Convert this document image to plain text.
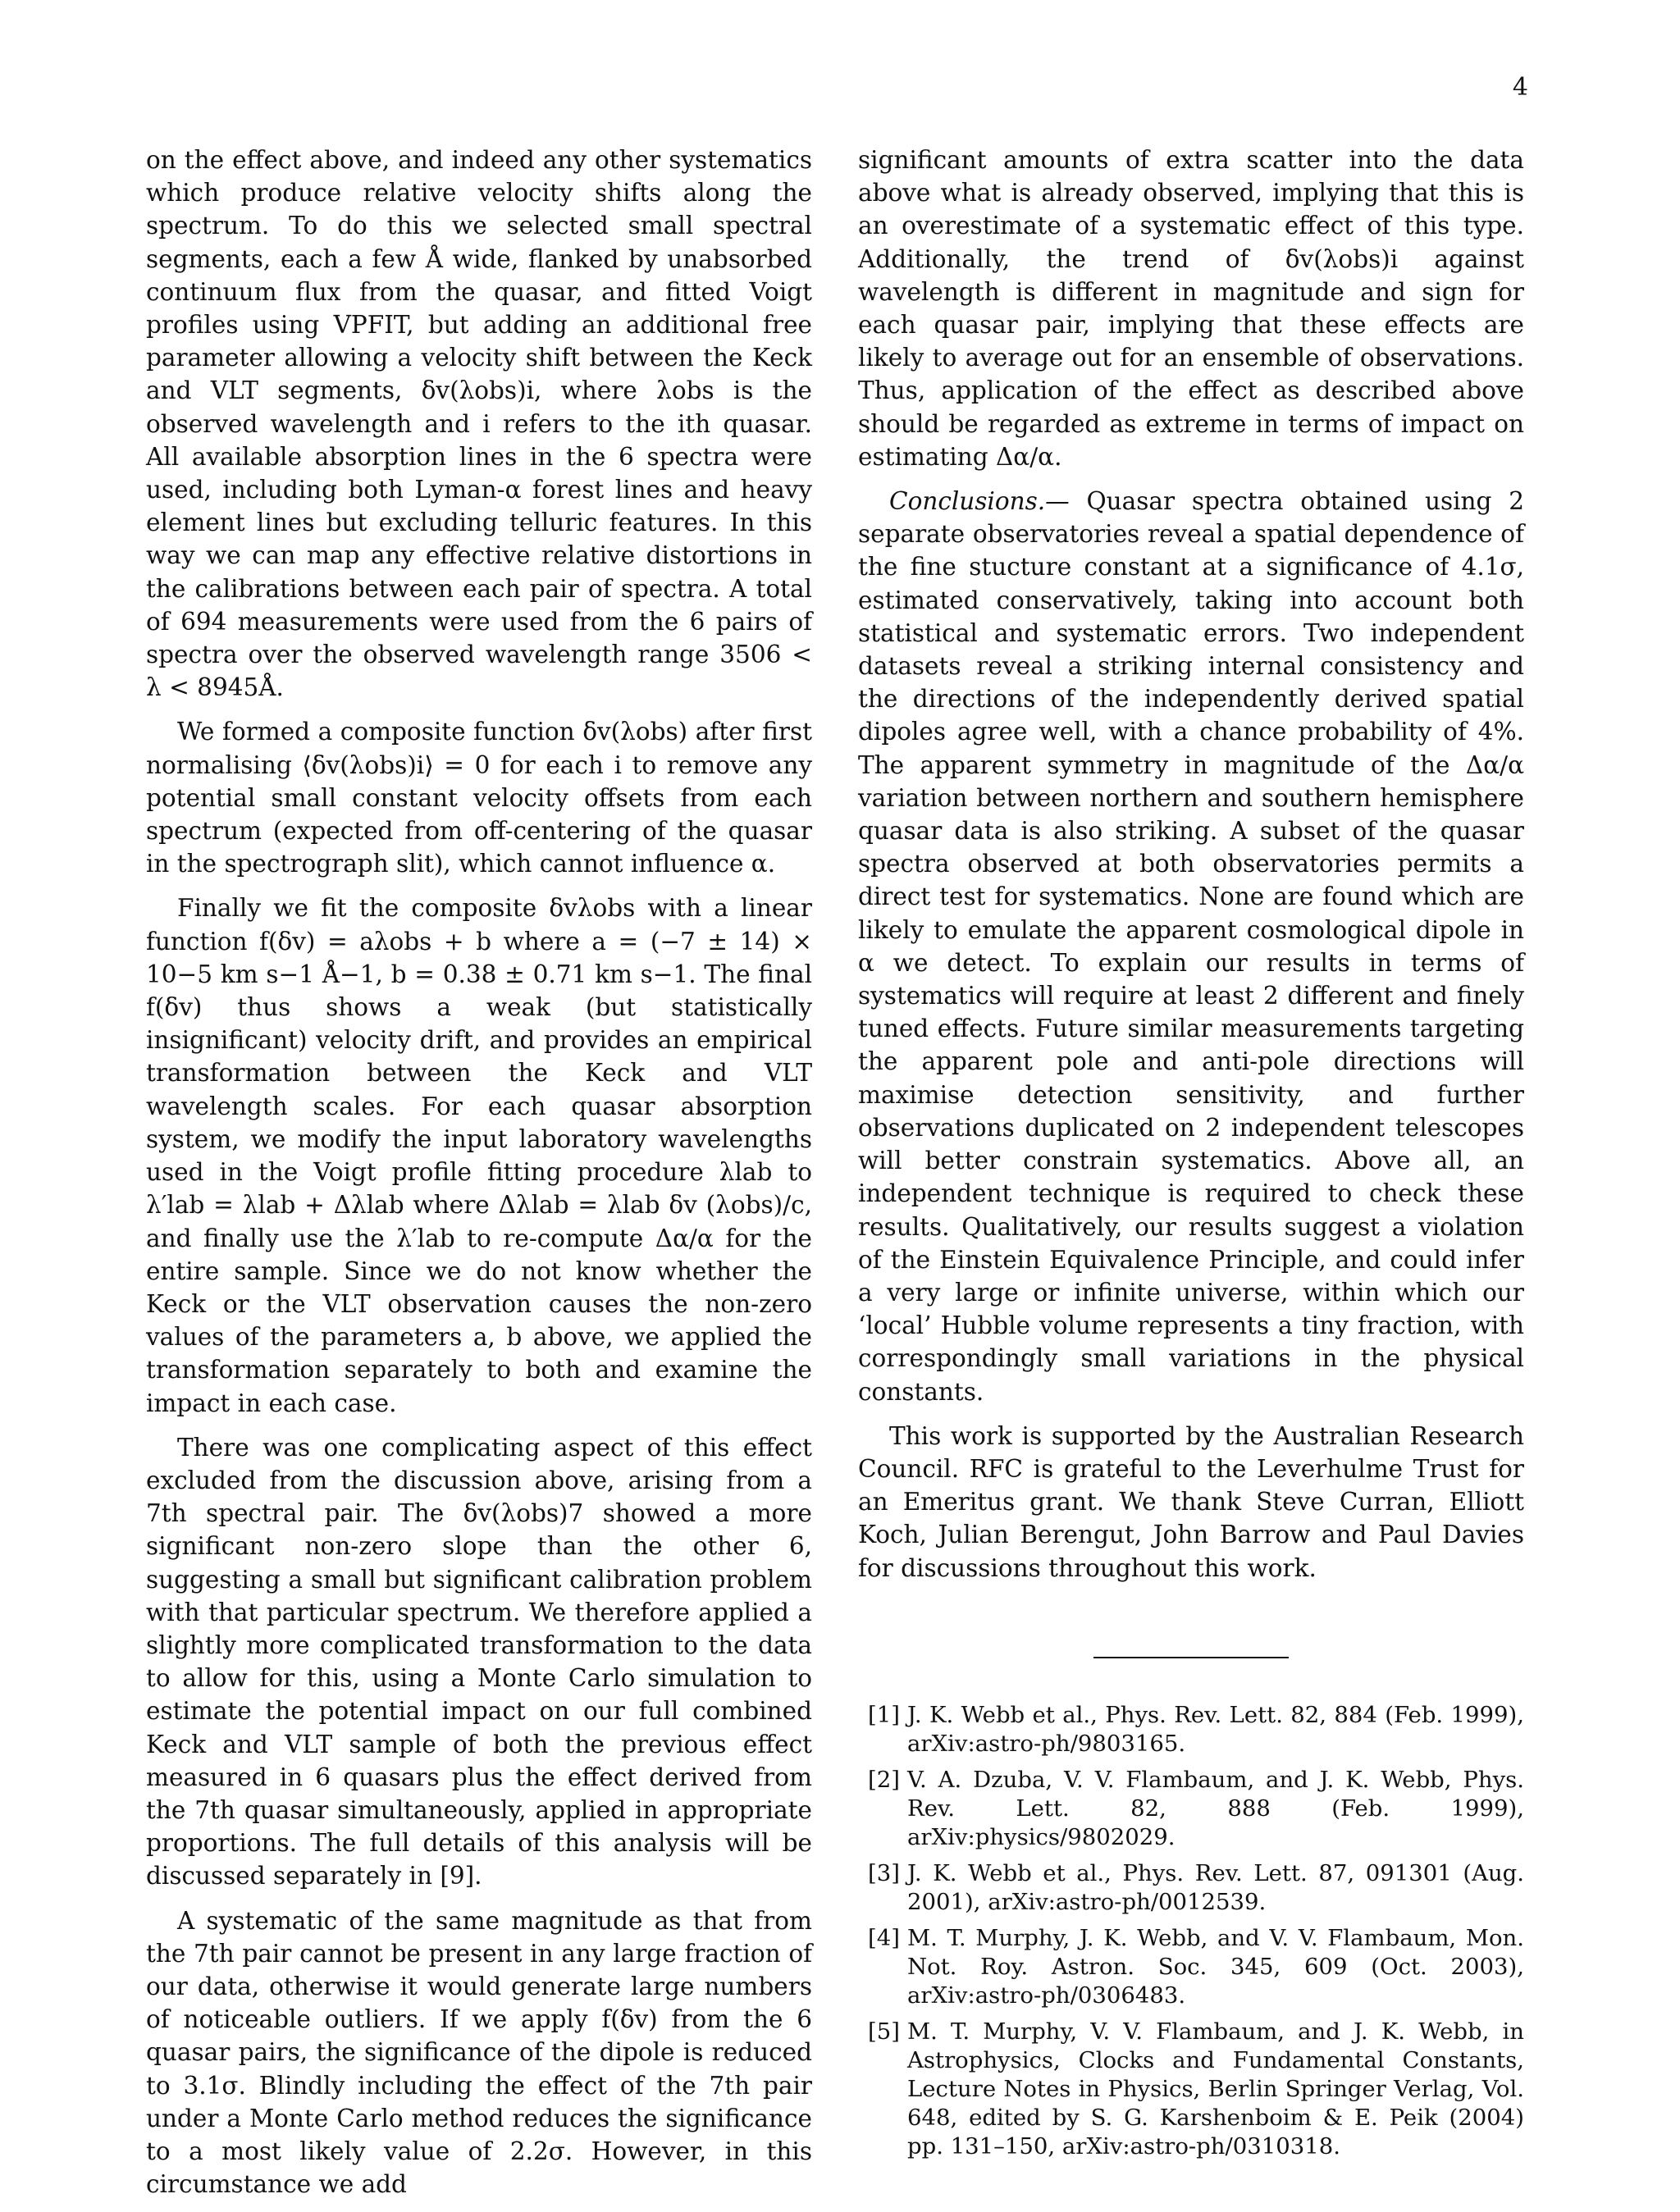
4

on the effect above, and indeed any other systematics which produce relative velocity shifts along the spectrum. To do this we selected small spectral segments, each a few Å wide, flanked by unabsorbed continuum flux from the quasar, and fitted Voigt profiles using VPFIT, but adding an additional free parameter allowing a velocity shift between the Keck and VLT segments, δv(λobs)i, where λobs is the observed wavelength and i refers to the ith quasar. All available absorption lines in the 6 spectra were used, including both Lyman-α forest lines and heavy element lines but excluding telluric features. In this way we can map any effective relative distortions in the calibrations between each pair of spectra. A total of 694 measurements were used from the 6 pairs of spectra over the observed wavelength range 3506 < λ < 8945Å.

We formed a composite function δv(λobs) after first normalising ⟨δv(λobs)i⟩ = 0 for each i to remove any potential small constant velocity offsets from each spectrum (expected from off-centering of the quasar in the spectrograph slit), which cannot influence α.

Finally we fit the composite δvλobs with a linear function f(δv) = aλobs + b where a = (−7 ± 14) × 10−5 km s−1 Å−1, b = 0.38 ± 0.71 km s−1. The final f(δv) thus shows a weak (but statistically insignificant) velocity drift, and provides an empirical transformation between the Keck and VLT wavelength scales. For each quasar absorption system, we modify the input laboratory wavelengths used in the Voigt profile fitting procedure λlab to λ′lab = λlab + Δλlab where Δλlab = λlab δv (λobs)/c, and finally use the λ′lab to re-compute Δα/α for the entire sample. Since we do not know whether the Keck or the VLT observation causes the non-zero values of the parameters a, b above, we applied the transformation separately to both and examine the impact in each case.

There was one complicating aspect of this effect excluded from the discussion above, arising from a 7th spectral pair. The δv(λobs)7 showed a more significant non-zero slope than the other 6, suggesting a small but significant calibration problem with that particular spectrum. We therefore applied a slightly more complicated transformation to the data to allow for this, using a Monte Carlo simulation to estimate the potential impact on our full combined Keck and VLT sample of both the previous effect measured in 6 quasars plus the effect derived from the 7th quasar simultaneously, applied in appropriate proportions. The full details of this analysis will be discussed separately in [9].

A systematic of the same magnitude as that from the 7th pair cannot be present in any large fraction of our data, otherwise it would generate large numbers of noticeable outliers. If we apply f(δv) from the 6 quasar pairs, the significance of the dipole is reduced to 3.1σ. Blindly including the effect of the 7th pair under a Monte Carlo method reduces the significance to a most likely value of 2.2σ. However, in this circumstance we add

significant amounts of extra scatter into the data above what is already observed, implying that this is an overestimate of a systematic effect of this type. Additionally, the trend of δv(λobs)i against wavelength is different in magnitude and sign for each quasar pair, implying that these effects are likely to average out for an ensemble of observations. Thus, application of the effect as described above should be regarded as extreme in terms of impact on estimating Δα/α.

Conclusions.— Quasar spectra obtained using 2 separate observatories reveal a spatial dependence of the fine stucture constant at a significance of 4.1σ, estimated conservatively, taking into account both statistical and systematic errors. Two independent datasets reveal a striking internal consistency and the directions of the independently derived spatial dipoles agree well, with a chance probability of 4%. The apparent symmetry in magnitude of the Δα/α variation between northern and southern hemisphere quasar data is also striking. A subset of the quasar spectra observed at both observatories permits a direct test for systematics. None are found which are likely to emulate the apparent cosmological dipole in α we detect. To explain our results in terms of systematics will require at least 2 different and finely tuned effects. Future similar measurements targeting the apparent pole and anti-pole directions will maximise detection sensitivity, and further observations duplicated on 2 independent telescopes will better constrain systematics. Above all, an independent technique is required to check these results. Qualitatively, our results suggest a violation of the Einstein Equivalence Principle, and could infer a very large or infinite universe, within which our ‘local’ Hubble volume represents a tiny fraction, with correspondingly small variations in the physical constants.

This work is supported by the Australian Research Council. RFC is grateful to the Leverhulme Trust for an Emeritus grant. We thank Steve Curran, Elliott Koch, Julian Berengut, John Barrow and Paul Davies for discussions throughout this work.

[1] J. K. Webb et al., Phys. Rev. Lett. 82, 884 (Feb. 1999), arXiv:astro-ph/9803165.
[2] V. A. Dzuba, V. V. Flambaum, and J. K. Webb, Phys. Rev. Lett. 82, 888 (Feb. 1999), arXiv:physics/9802029.
[3] J. K. Webb et al., Phys. Rev. Lett. 87, 091301 (Aug. 2001), arXiv:astro-ph/0012539.
[4] M. T. Murphy, J. K. Webb, and V. V. Flambaum, Mon. Not. Roy. Astron. Soc. 345, 609 (Oct. 2003), arXiv:astro-ph/0306483.
[5] M. T. Murphy, V. V. Flambaum, and J. K. Webb, in Astrophysics, Clocks and Fundamental Constants, Lecture Notes in Physics, Berlin Springer Verlag, Vol. 648, edited by S. G. Karshenboim & E. Peik (2004) pp. 131–150, arXiv:astro-ph/0310318.
